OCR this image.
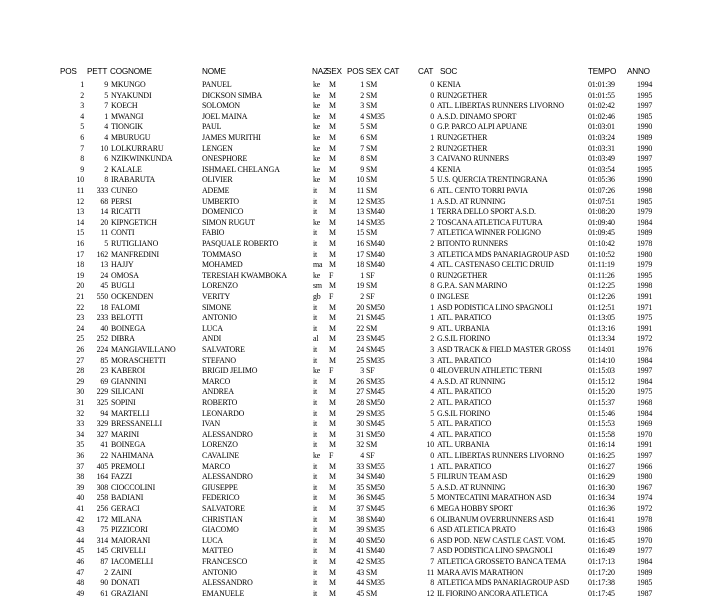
POS PETT COGNOME	NOME	NAZ
SEX POS SEX CAT CAT SOC	TEMPO ANNO
1	9 MKUNGO	PANUEL	ke	M	1 SM	0 KENIA	01:01:39	1994
2	5 NYAKUNDI	DICKSON SIMBA	ke	M	2 SM	0 RUN2GETHER	01:01:55	1995
3	7 KOECH	SOLOMON	ke	M	3 SM	0 ATL. LIBERTAS RUNNERS LIVORNO	01:02:42	1997
4	1 MWANGI	JOEL MAINA	ke	M	4 SM35	0 A.S.D. DINAMO SPORT	01:02:46	1985
5	4 TIONGIK	PAUL	ke	M	5 SM	0 G.P. PARCO ALPI APUANE	01:03:01	1990
6	4 MBURUGU	JAMES MURITHI	ke	M	6 SM	1 RUN2GETHER	01:03:24	1989
7	10 LOLKURRARU	LENGEN	ke	M	7 SM	2 RUN2GETHER	01:03:31	1990
8	6 NZIKWINKUNDA	ONESPHORE	ke	M	8 SM	3 CAIVANO RUNNERS	01:03:49	1997
9	2 KALALE	ISHMAEL CHELANGA	ke	M	9 SM	4 KENIA	01:03:54	1995
10	8 IRABARUTA	OLIVIER	ke	M	10 SM	5 U.S. QUERCIA TRENTINGRANA	01:05:36	1990
11	333 CUNEO	ADEME	it	M	11 SM	6 ATL. CENTO TORRI PAVIA	01:07:26	1998
12	68 PERSI	UMBERTO	it	M	12 SM35	1 A.S.D. AT RUNNING	01:07:51	1985
13	14 RICATTI	DOMENICO	it	M	13 SM40	1 TERRA DELLO SPORT A.S.D.	01:08:20	1979
14	20 KIPNGETICH	SIMON RUGUT	ke	M	14 SM35	2 TOSCANA ATLETICA FUTURA	01:09:40	1984
15	11 CONTI	FABIO	it	M	15 SM	7 ATLETICA WINNER FOLIGNO	01:09:45	1989
16	5 RUTIGLIANO	PASQUALE ROBERTO	it	M	16 SM40	2 BITONTO RUNNERS	01:10:42	1978
17	162 MANFREDINI	TOMMASO	it	M	17 SM40	3 ATLETICA MDS PANARIAGROUP ASD	01:10:52	1980
18	13 HAJJY	MOHAMED	ma M	18 SM40	4 ATL. CASTENASO CELTIC DRUID	01:11:19	1979
19	24 OMOSA	TERESIAH KWAMBOKA	ke	F	1 SF	0 RUN2GETHER	01:11:26	1995
20	45 BUGLI	LORENZO	sm M	19 SM	8 G.P.A. SAN MARINO	01:12:25	1998
21	550 OCKENDEN	VERITY	gb	F	2 SF	0 INGLESE	01:12:26	1991
22	18 FALOMI	SIMONE	it	M	20 SM50	1 ASD PODISTICA LINO SPAGNOLI	01:12:51	1971
23	233 BELOTTI	ANTONIO	it	M	21 SM45	1 ATL. PARATICO	01:13:05	1975
24	40 BOINEGA	LUCA	it	M	22 SM	9 ATL. URBANIA	01:13:16	1991
25	252 DIBRA	ANDI	al	M	23 SM45	2 G.S.IL FIORINO	01:13:34	1972
26	224 MANGIAVILLANO	SALVATORE	it	M	24 SM45	3 ASD TRACK & FIELD MASTER GROSS	01:14:01	1976
27	85 MORASCHETTI	STEFANO	it	M	25 SM35	3 ATL. PARATICO	01:14:10	1984
28	23 KABEROI	BRIGID JELIMO	ke	F	3 SF	0 4ILOVERUN ATHLETIC TERNI	01:15:03	1997
29	69 GIANNINI	MARCO	it	M	26 SM35	4 A.S.D. AT RUNNING	01:15:12	1984
30	229 SILICANI	ANDREA	it	M	27 SM45	4 ATL. PARATICO	01:15:20	1975
31	325 SOPINI	ROBERTO	it	M	28 SM50	2 ATL. PARATICO	01:15:37	1968
32	94 MARTELLI	LEONARDO	it	M	29 SM35	5 G.S.IL FIORINO	01:15:46	1984
33	329 BRESSANELLI	IVAN	it	M	30 SM45	5 ATL. PARATICO	01:15:53	1969
34	327 MARINI	ALESSANDRO	it	M	31 SM50	4 ATL. PARATICO	01:15:58	1970
35	41 BOINEGA	LORENZO	it	M	32 SM	10 ATL. URBANIA	01:16:14	1991
36	22 NAHIMANA	CAVALINE	ke	F	4 SF	0 ATL. LIBERTAS RUNNERS LIVORNO	01:16:25	1997
37	405 PREMOLI	MARCO	it	M	33 SM55	1 ATL. PARATICO	01:16:27	1966
38	164 FAZZI	ALESSANDRO	it	M	34 SM40	5 FILIRUN TEAM ASD	01:16:29	1980
39	308 CIOCCOLINI	GIUSEPPE	it	M	35 SM50	5 A.S.D. AT RUNNING	01:16:30	1967
40	258 BADIANI	FEDERICO	it	M	36 SM45	5 MONTECATINI MARATHON ASD	01:16:34	1974
41	256 GERACI	SALVATORE	it	M	37 SM45	6 MEGA HOBBY SPORT	01:16:36	1972
42	172 MILANA	CHRISTIAN	it	M	38 SM40	6 OLIBANUM OVERRUNNERS ASD	01:16:41	1978
43	75 PIZZICORI	GIACOMO	it	M	39 SM35	6 ASD ATLETICA PRATO	01:16:43	1986
44	314 MAIORANI	LUCA	it	M	40 SM50	6 ASD POD. NEW CASTLE CAST. VOM.	01:16:45	1970
45	145 CRIVELLI	MATTEO	it	M	41 SM40	7 ASD PODISTICA LINO SPAGNOLI	01:16:49	1977
46	87 IACOMELLI	FRANCESCO	it	M	42 SM35	7 ATLETICA GROSSETO BANCA TEMA	01:17:13	1984
47	2 ZAINI	ANTONIO	it	M	43 SM	11 MARA AVIS MARATHON	01:17:20	1989
48	90 DONATI	ALESSANDRO	it	M	44 SM35	8 ATLETICA MDS PANARIAGROUP ASD	01:17:38	1985
49	61 GRAZIANI	EMANUELE	it	M	45 SM	12 IL FIORINO ANCORA ATLETICA	01:17:45	1987
